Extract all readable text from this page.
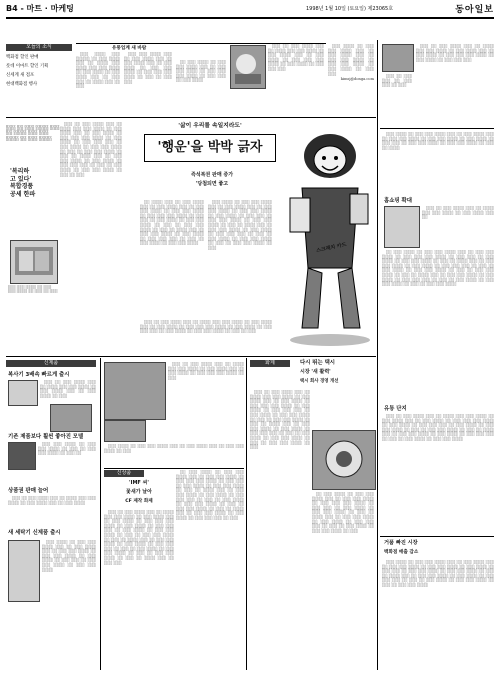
B4 - 마트 · 마케팅	1998년 1월 10일 (토요일) 제23065호	동아일보
오늘의 소식
백화점 할인 판매
롯데 이마트 할인 기획
신세계 새 점포
현대백화점 행사
유통업계 새 바람

░░░ ░░░░ ░░░ ░░░░░ ░░ ░░░ ░░░░ ░░░ ░░ ░░░░ ░░░ ░░░░ ░░░ ░░░ ░░░░ ░░ ░░░ ░░░░ ░░ ░░░ ░░░░ ░░░ ░░ ░░░ ░░░ ░░ ░░░░ ░░░ ░░ ░░░

░░░ ░░░ ░░░░ ░░░ ░░ ░░░ ░░░░ ░░░ ░░ ░░░ ░░░░ ░░░ ░░ ░░░ ░░░░ ░░ ░░░ ░░░ ░░░░ ░░ ░░░ ░░░ ░░░ ░░░░ ░░ ░░░ ░░ ░░░ ░░░

░░ ░░░ ░░░░ ░░ ░░░ ░░░ ░░░░ ░░░ ░░ ░░░ ░░░ ░░░░ ░░ ░░░ ░░░ ░░░ ░░░░ ░░ ░░░ ░░░ ░░ ░░░ ░░░░

░░░ ░░ ░░░ ░░░░ ░░░ ░░ ░░░░ ░░░ ░░░ ░░░░ ░░ ░░░ ░░░░ ░░░ ░░ ░░░ ░░░░ ░░ ░░░ ░░░ ░░░ ░░░░ ░░ ░░░ ░░░░ ░░ ░░░ ░░░ ░░░

░░░ ░░░░ ░░ ░░░ ░░░ ░░░░ ░░░ ░░ ░░░ ░░░░ ░░░ ░░ ░░░ ░░░ ░░░░ ░░ ░░░ ░░░ ░░░░ ░░ ░░░ ░░░░ ░░ ░░░ ░░░

kimsj@donga.com

░░░ ░░ ░░░ ░░░░ ░░░ ░░ ░░░░ ░░░ ░░░ ░░░░ ░░ ░░░ ░░░░
'복리하
고 있다'
복합경품
공세 한파

░░░ ░░ ░░░ ░░░░ ░░░ ░░ ░░░░ ░░░ ░░░ ░░░░ ░░ ░░░ ░░░░ ░░░ ░░ ░░░ ░░░░ ░░ ░░░ ░░░ ░░░ ░░░░ ░░ ░░░ ░░░░ ░░ ░░░ ░░░ ░░░ ░░ ░░░ ░░░░ ░░ ░░░ ░░░ ░░░░ ░░ ░░░ ░░ ░░░ ░░░ ░░░░ ░░ ░░░ ░░ ░░░░ ░░░ ░░ ░░░ ░░░ ░░░░ ░░ ░░░ ░░░░ ░░ ░░░ ░░░ ░░░ ░░ ░░░ ░░ ░░░ ░░░░ ░░ ░░░ ░░░ ░░░░ ░░ ░░░ ░░ ░░░

░░░ ░░░ ░░░░ ░░ ░░░ ░░░ ░░░░ ░░ ░░░ ░░ ░░░
'삶이 우리를 속일지라도'
'행운'을 박박 긁자
즉석복권 판매 증가
'당첨되면 좋고
스크래치 카드

░░ ░░░░ ░░░ ░░ ░░░ ░░░░ ░░░ ░░ ░░░ ░░░░ ░░░ ░░ ░░░ ░░░ ░░░░ ░░ ░░░ ░░░ ░░░░ ░░ ░░░ ░░░ ░░░ ░░░░ ░░ ░░░ ░░░ ░░ ░░░ ░░░░ ░░ ░░░ ░░░ ░░░░ ░░ ░░░ ░░ ░░░ ░░░ ░░░░ ░░ ░░░ ░░ ░░░░ ░░░ ░░ ░░░ ░░░ ░░░░ ░░ ░░░ ░░░░ ░░ ░░░ ░░░ ░░░ ░░ ░░░ ░░ ░░░ ░░░░ ░░ ░░░ ░░░ ░░░░

░░░ ░░░░ ░░ ░░░ ░░░ ░░░░ ░░░ ░░ ░░░ ░░░░ ░░░ ░░ ░░░ ░░░ ░░░░ ░░ ░░░ ░░░ ░░░░ ░░ ░░░ ░░░░ ░░ ░░░ ░░░ ░░ ░░░ ░░░ ░░░░ ░░ ░░░ ░░░ ░░░░ ░░ ░░░ ░░ ░░░░ ░░░ ░░ ░░░ ░░░ ░░░░ ░░ ░░░ ░░░░ ░░ ░░░ ░░░ ░░░ ░░ ░░░ ░░ ░░░ ░░░░ ░░ ░░░ ░░░ ░░░░ ░░ ░░░ ░░ ░░░ ░░░ ░░░░ ░░ ░░░

░░░ ░░ ░░░ ░░░░ ░░░ ░░ ░░░░ ░░░ ░░░ ░░░░ ░░ ░░░ ░░░░ ░░░ ░░ ░░░ ░░░░ ░░ ░░░ ░░░ ░░░ ░░░░ ░░ ░░░ ░░░░ ░░ ░░░ ░░░ ░░░ ░░ ░░░ ░░░░ ░░ ░░░ ░░░ ░░░░ ░░ ░░░ ░░ ░░░

신제품
복사기 3배속 빠르게 출시

░░░ ░░ ░░░ ░░░░ ░░░ ░░ ░░░░ ░░░ ░░░ ░░░░ ░░ ░░░ ░░░░ ░░░ ░░ ░░░ ░░░░ ░░ ░░░

기존 제품보다 훨씬 좋아진 모델

░░░ ░░░ ░░░░ ░░ ░░░ ░░░ ░░░░ ░░ ░░░ ░░ ░░░ ░░░ ░░░░ ░░ ░░░ ░░

상품권 판매 늘어

░░░ ░░ ░░░ ░░░░ ░░░ ░░ ░░░░ ░░░ ░░░ ░░░░ ░░ ░░░ ░░░░ ░░░ ░░ ░░░ ░░░░

새 세탁기 신제품 출시

░░░ ░░░░ ░░ ░░░ ░░░ ░░░░ ░░░ ░░ ░░░ ░░░░ ░░░ ░░ ░░░ ░░░ ░░░░ ░░ ░░░ ░░░ ░░░░ ░░ ░░░ ░░░░ ░░ ░░░ ░░░ ░░ ░░░ ░░░ ░░░░ ░░ ░░░ ░░░ ░░░░

░░░ ░░ ░░░ ░░░░ ░░░ ░░ ░░░░ ░░░ ░░░ ░░░░ ░░ ░░░ ░░░░ ░░░ ░░ ░░░ ░░░░ ░░ ░░░ ░░░ ░░░ ░░░░ ░░ ░░░

░░░ ░░░░ ░░ ░░░ ░░░ ░░░░ ░░░ ░░ ░░░ ░░░░ ░░░ ░░ ░░░ ░░░ ░░░░ ░░ ░░░

신상품
'IMF 씨'
꽃새가 날아
CF 제작 화제

░░░ ░░ ░░░ ░░░░ ░░░ ░░ ░░░░ ░░░ ░░░ ░░░░ ░░ ░░░ ░░░░ ░░░ ░░ ░░░ ░░░░ ░░ ░░░ ░░░ ░░░ ░░░░ ░░ ░░░ ░░░░ ░░ ░░░ ░░░ ░░░ ░░ ░░░ ░░░░ ░░ ░░░ ░░░ ░░░░ ░░ ░░░ ░░ ░░░ ░░░ ░░░░ ░░ ░░░ ░░ ░░░░ ░░░ ░░ ░░░ ░░░ ░░░░ ░░ ░░░ ░░░░ ░░ ░░░ ░░░ ░░░ ░░ ░░░ ░░ ░░░ ░░░░ ░░ ░░░ ░░░ ░░░░ ░░ ░░░ ░░ ░░░ ░░░ ░░░░ ░░ ░░░ ░░ ░░░░ ░░░ ░░ ░░░ ░░░

░░ ░░░ ░░░░ ░░ ░░░ ░░░ ░░░░ ░░░ ░░ ░░░ ░░░ ░░░░ ░░ ░░░ ░░░ ░░░ ░░░░ ░░ ░░░ ░░░ ░░ ░░░ ░░░░ ░░ ░░░ ░░░ ░░░░ ░░ ░░░ ░░ ░░░░ ░░░ ░░ ░░░ ░░░ ░░░░ ░░ ░░░ ░░░░ ░░ ░░░ ░░░ ░░░ ░░ ░░░ ░░ ░░░ ░░░░ ░░ ░░░ ░░░ ░░░░ ░░ ░░░ ░░ ░░░ ░░░ ░░░░ ░░ ░░░ ░░ ░░░░ ░░░ ░░ ░░░ ░░░ ░░░░ ░░ ░░░ ░░░░ ░░ ░░░ ░░░ ░░░ ░░ ░░░

화제	다시 뛰는 택시
시장 '새 활력'
택시 회사 경영 개선

░░░ ░░ ░░░ ░░░░ ░░░ ░░ ░░░░ ░░░ ░░░ ░░░░ ░░ ░░░ ░░░░ ░░░ ░░ ░░░ ░░░░ ░░ ░░░ ░░░ ░░░ ░░░░ ░░ ░░░ ░░░░ ░░ ░░░ ░░░ ░░░ ░░ ░░░ ░░░░ ░░ ░░░ ░░░ ░░░░ ░░ ░░░ ░░ ░░░ ░░░ ░░░░ ░░ ░░░ ░░ ░░░░ ░░░ ░░ ░░░ ░░░ ░░░░ ░░ ░░░ ░░░░ ░░ ░░░ ░░░ ░░░ ░░ ░░░ ░░ ░░░ ░░░░ ░░ ░░░ ░░░ ░░░░ ░░ ░░░ ░░ ░░░ ░░░ ░░░░ ░░ ░░░

░░ ░░░ ░░░░ ░░ ░░░ ░░░ ░░░░ ░░░ ░░ ░░░ ░░░ ░░░░ ░░ ░░░ ░░░ ░░░ ░░░░ ░░ ░░░ ░░░ ░░ ░░░ ░░░░ ░░ ░░░ ░░░ ░░░░ ░░ ░░░ ░░ ░░░░ ░░░ ░░ ░░░ ░░░ ░░░░ ░░ ░░░ ░░░░ ░░ ░░░ ░░░ ░░░ ░░ ░░░ ░░ ░░░ ░░░░ ░░ ░░░ ░░░ ░░░░ ░░ ░░░

░░░ ░░ ░░░ ░░░░ ░░░ ░░ ░░░░ ░░░ ░░░ ░░░░ ░░ ░░░ ░░░░ ░░░ ░░ ░░░ ░░░░ ░░ ░░░ ░░░ ░░░ ░░░░ ░░ ░░░ ░░░░ ░░ ░░░ ░░░ ░░░

░░░ ░░ ░░░ ░░░ ░░ ░░░ ░░░ ░░ ░░░

░░░ ░░░░ ░░ ░░░ ░░░ ░░░░ ░░░ ░░ ░░░ ░░░░ ░░░ ░░ ░░░ ░░░ ░░░░ ░░ ░░░ ░░░ ░░░░ ░░ ░░░ ░░░░ ░░ ░░░ ░░░ ░░ ░░░ ░░░ ░░░░ ░░ ░░░ ░░░ ░░░░ ░░ ░░░ ░░ ░░░░

홈쇼핑 확대

░░░ ░░ ░░░ ░░░░ ░░░ ░░ ░░░░ ░░░ ░░░ ░░░░ ░░ ░░░ ░░░░ ░░░ ░░

░░ ░░░ ░░░░ ░░ ░░░ ░░░ ░░░░ ░░░ ░░ ░░░ ░░░ ░░░░ ░░ ░░░ ░░░ ░░░ ░░░░ ░░ ░░░ ░░░ ░░ ░░░ ░░░░ ░░ ░░░ ░░░ ░░░░ ░░ ░░░ ░░ ░░░░ ░░░ ░░ ░░░ ░░░ ░░░░ ░░ ░░░ ░░░░ ░░ ░░░ ░░░ ░░░ ░░ ░░░ ░░ ░░░ ░░░░ ░░ ░░░ ░░░ ░░░░ ░░ ░░░ ░░ ░░░ ░░░ ░░░░ ░░ ░░░ ░░ ░░░░ ░░░ ░░ ░░░ ░░░ ░░░░ ░░ ░░░ ░░░░ ░░ ░░░ ░░░ ░░░ ░░ ░░░ ░░ ░░░ ░░░░ ░░ ░░░ ░░░ ░░░░ ░░ ░░░ ░░ ░░░ ░░░ ░░░░

유통 단지

░░░ ░░ ░░░ ░░░░ ░░░ ░░ ░░░░ ░░░ ░░░ ░░░░ ░░ ░░░ ░░░░ ░░░ ░░ ░░░ ░░░░ ░░ ░░░ ░░░ ░░░ ░░░░ ░░ ░░░ ░░░░ ░░ ░░░ ░░░ ░░░ ░░ ░░░ ░░░░ ░░ ░░░ ░░░ ░░░░ ░░ ░░░ ░░ ░░░ ░░░ ░░░░ ░░ ░░░ ░░ ░░░░ ░░░ ░░ ░░░ ░░░ ░░░░ ░░ ░░░ ░░░░ ░░ ░░░ ░░░ ░░░ ░░ ░░░ ░░ ░░░ ░░░░ ░░ ░░░ ░░░ ░░░░

거품 빠진 시장
백화점 매출 감소

░░░ ░░░░ ░░ ░░░ ░░░ ░░░░ ░░░ ░░ ░░░ ░░░░ ░░░ ░░ ░░░ ░░░ ░░░░ ░░ ░░░ ░░░ ░░░░ ░░ ░░░ ░░░░ ░░ ░░░ ░░░ ░░ ░░░ ░░░ ░░░░ ░░ ░░░ ░░░ ░░░░ ░░ ░░░ ░░ ░░░░ ░░░ ░░ ░░░ ░░░ ░░░░ ░░ ░░░ ░░░░ ░░ ░░░ ░░░ ░░░ ░░ ░░░ ░░ ░░░ ░░░░ ░░ ░░░ ░░░ ░░░░ ░░ ░░░ ░░ ░░░ ░░░ ░░░░
